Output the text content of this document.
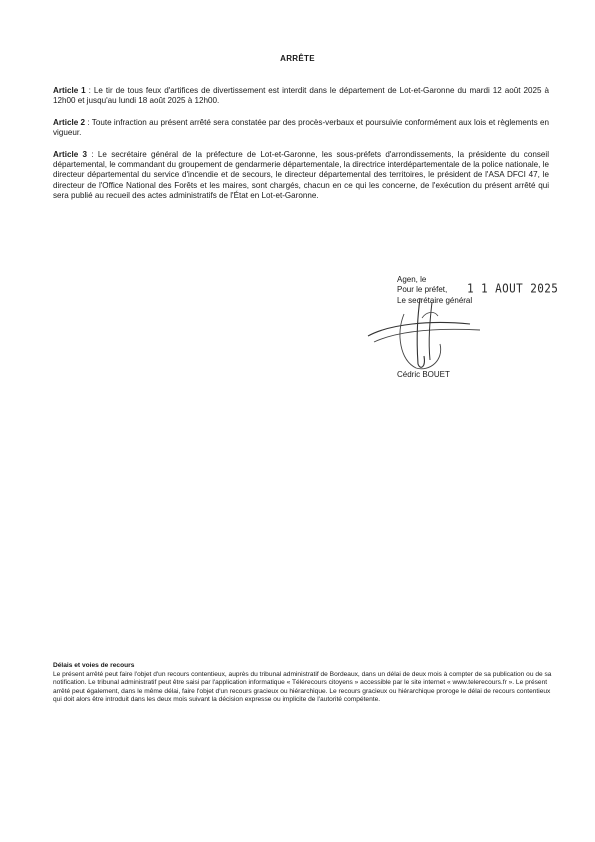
ARRÊTE

Article 1 : Le tir de tous feux d'artifices de divertissement est interdit dans le département de Lot-et-Garonne du mardi 12 août 2025 à 12h00 et jusqu'au lundi 18 août 2025 à 12h00.

Article 2 : Toute infraction au présent arrêté sera constatée par des procès-verbaux et poursuivie conformément aux lois et règlements en vigueur.

Article 3 : Le secrétaire général de la préfecture de Lot-et-Garonne, les sous-préfets d'arrondissements, la présidente du conseil départemental, le commandant du groupement de gendarmerie départementale, la directrice interdépartementale de la police nationale, le directeur départemental du service d'incendie et de secours, le directeur départemental des territoires, le président de l'ASA DFCI 47, le directeur de l'Office National des Forêts et les maires, sont chargés, chacun en ce qui les concerne, de l'exécution du présent arrêté qui sera publié au recueil des actes administratifs de l'État en Lot-et-Garonne.

Agen, le
Pour le préfet,
Le secrétaire général
1 1 AOUT 2025
Cédric BOUET
Délais et voies de recours
Le présent arrêté peut faire l'objet d'un recours contentieux, auprès du tribunal administratif de Bordeaux, dans un délai de deux mois à compter de sa publication ou de sa notification. Le tribunal administratif peut être saisi par l'application informatique « Télérecours citoyens » accessible par le site internet « www.telerecours.fr ». Le présent arrêté peut également, dans le même délai, faire l'objet d'un recours gracieux ou hiérarchique. Le recours gracieux ou hiérarchique proroge le délai de recours contentieux qui doit alors être introduit dans les deux mois suivant la décision expresse ou implicite de l'autorité compétente.
